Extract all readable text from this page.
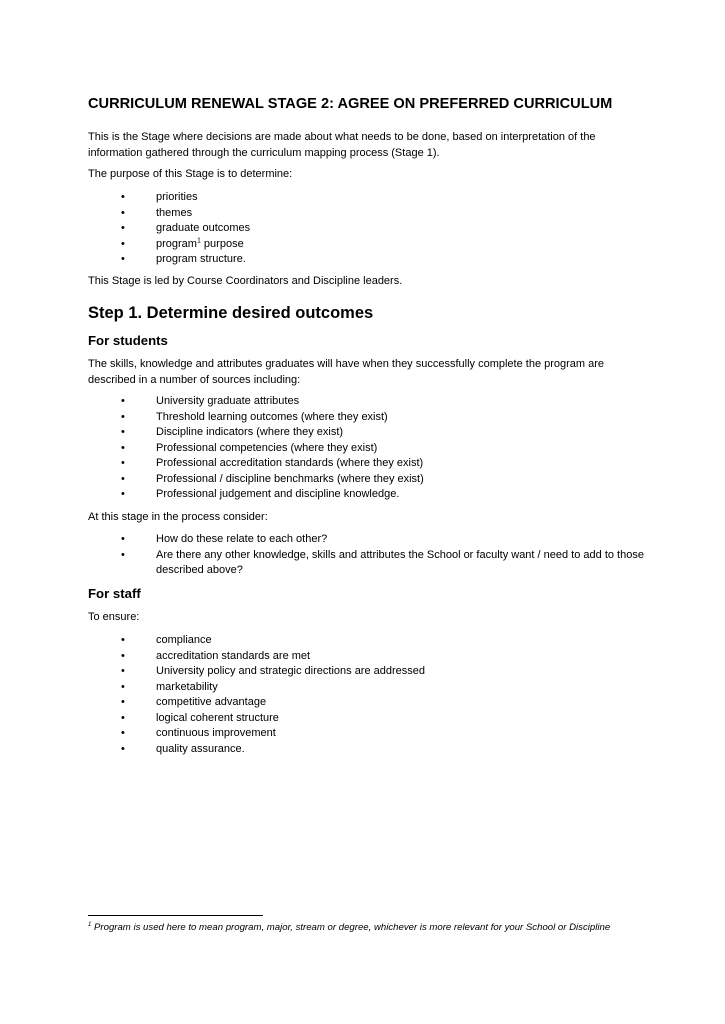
CURRICULUM RENEWAL STAGE 2: AGREE ON PREFERRED CURRICULUM

This is the Stage where decisions are made about what needs to be done, based on interpretation of the information gathered through the curriculum mapping process (Stage 1).

The purpose of this Stage is to determine:

•	priorities
•	themes
•	graduate outcomes
•	program$^1$ purpose
•	program structure.

This Stage is led by Course Coordinators and Discipline leaders.

Step 1. Determine desired outcomes
For students

The skills, knowledge and attributes graduates will have when they successfully complete the program are described in a number of sources including:

•	University graduate attributes
•	Threshold learning outcomes (where they exist)
•	Discipline indicators (where they exist)
•	Professional competencies (where they exist)
•	Professional accreditation standards (where they exist)
•	Professional / discipline benchmarks (where they exist)
•	Professional judgement and discipline knowledge.

At this stage in the process consider:

•	How do these relate to each other?
•	Are there any other knowledge, skills and attributes the School or faculty want / need to add to those described above?
For staff

To ensure:

•	compliance
•	accreditation standards are met
•	University policy and strategic directions are addressed
•	marketability
•	competitive advantage
•	logical coherent structure
•	continuous improvement
•	quality assurance.
$^1$ Program is used here to mean program, major, stream or degree, whichever is more relevant for your School or Discipline
